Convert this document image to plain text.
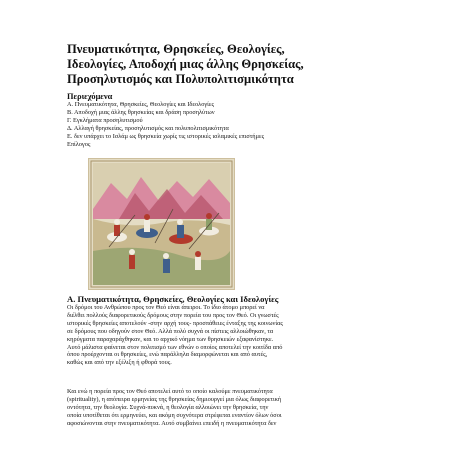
Πνευματικότητα, Θρησκείες, Θεολογίες,
Ιδεολογίες, Αποδοχή μιας άλλης Θρησκείας,
Προσηλυτισμός και Πολυπολιτισμικότητα
Περιεχόμενα
Α. Πνευματικότητα, Θρησκείες, Θεολογίες και Ιδεολογίες
Β. Αποδοχή μιας άλλης θρησκείας και δράση προσηλύτων
Γ. Εγκλήματα προσηλυτισμού
Δ. Αλλαγή θρησκείας, προσηλυτισμός και πολυπολιτισμικότητα
Ε. δεν υπάρχει το Ισλάμ ως θρησκεία χωρίς τις ιστορικές ισλαμικές επιστήμες
Επίλογος
Α. Πνευματικότητα, Θρησκείες, Θεολογίες και Ιδεολογίες

Οι δρόμοι του Ανθρώπου προς τον Θεό είναι άπειροι. Το ίδιο άτομο μπορεί να
διέλθει πολλούς διαφορετικούς δρόμους στην πορεία του προς τον Θεό. Οι γνωστές
ιστορικές θρησκείες αποτελούν -στην αρχή τους- προσπάθειες ένταξης της κοινωνίας
σε δρόμους που οδηγούν στον Θεό. Αλλά πολύ συχνά οι πίστεις αλλοιώθηκαν, τα
κηρύγματα παραχαράχθηκαν, και το αρχικό νόημα των θρησκειών εξαφανίστηκε.
Αυτό μάλιστα φαίνεται στον πολιτισμό των εθνών ο οποίος αποτελεί την κοιτίδα από
όπου προέρχονται οι θρησκείες, ενώ παράλληλα διαμορφώνεται και από αυτές,
καθώς και από την εξέλιξη ή φθορά τους.

Και ενώ η πορεία προς τον Θεό αποτελεί αυτό το οποίο καλούμε πνευματικότητα
(spirituality), η απόπειρα ερμηνείας της θρησκείας δημιουργεί μια όλως διαφορετική
οντότητα, την θεολογία. Συχνά-πυκνά, η θεολογία αλλοιώνει την θρησκεία, την
οποία υποτίθεται ότι ερμηνεύει, και ακόμη συχνότερα στρέφεται εναντίον όλων όσοι
αφοσιώνονται στην πνευματικότητα. Αυτό συμβαίνει επειδή η πνευματικότητα δεν
